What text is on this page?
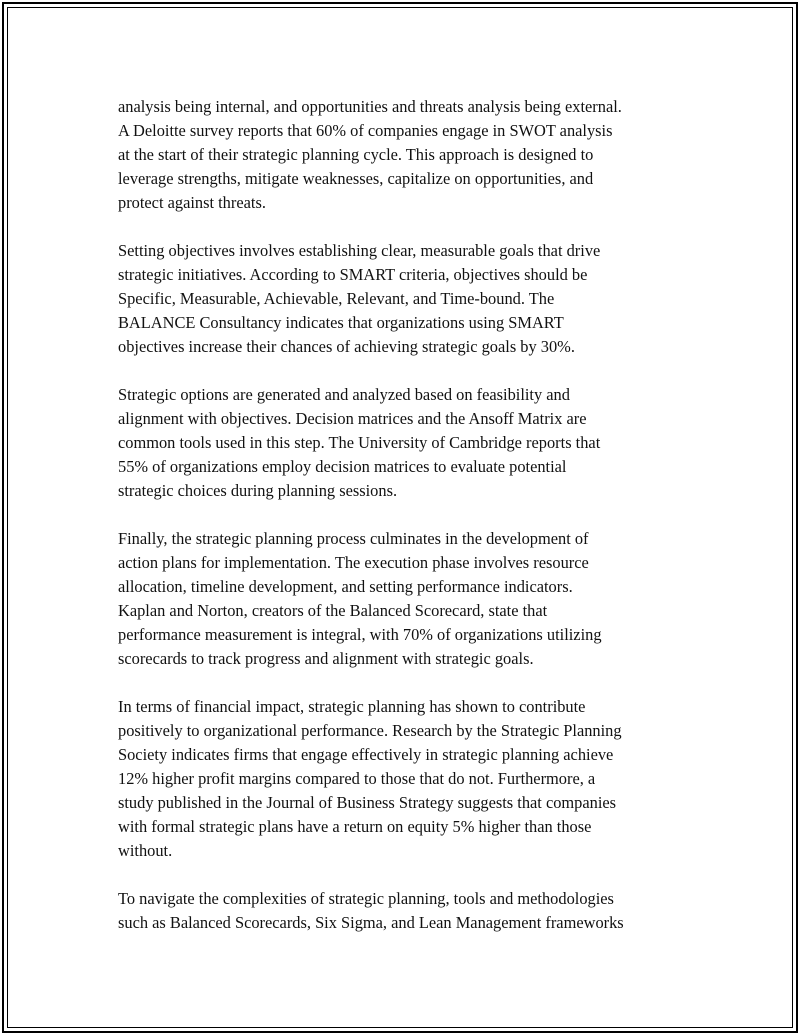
analysis being internal, and opportunities and threats analysis being external.
A Deloitte survey reports that 60% of companies engage in SWOT analysis
at the start of their strategic planning cycle. This approach is designed to
leverage strengths, mitigate weaknesses, capitalize on opportunities, and
protect against threats.

Setting objectives involves establishing clear, measurable goals that drive
strategic initiatives. According to SMART criteria, objectives should be
Specific, Measurable, Achievable, Relevant, and Time-bound. The
BALANCE Consultancy indicates that organizations using SMART
objectives increase their chances of achieving strategic goals by 30%.

Strategic options are generated and analyzed based on feasibility and
alignment with objectives. Decision matrices and the Ansoff Matrix are
common tools used in this step. The University of Cambridge reports that
55% of organizations employ decision matrices to evaluate potential
strategic choices during planning sessions.

Finally, the strategic planning process culminates in the development of
action plans for implementation. The execution phase involves resource
allocation, timeline development, and setting performance indicators.
Kaplan and Norton, creators of the Balanced Scorecard, state that
performance measurement is integral, with 70% of organizations utilizing
scorecards to track progress and alignment with strategic goals.

In terms of financial impact, strategic planning has shown to contribute
positively to organizational performance. Research by the Strategic Planning
Society indicates firms that engage effectively in strategic planning achieve
12% higher profit margins compared to those that do not. Furthermore, a
study published in the Journal of Business Strategy suggests that companies
with formal strategic plans have a return on equity 5% higher than those
without.

To navigate the complexities of strategic planning, tools and methodologies
such as Balanced Scorecards, Six Sigma, and Lean Management frameworks
